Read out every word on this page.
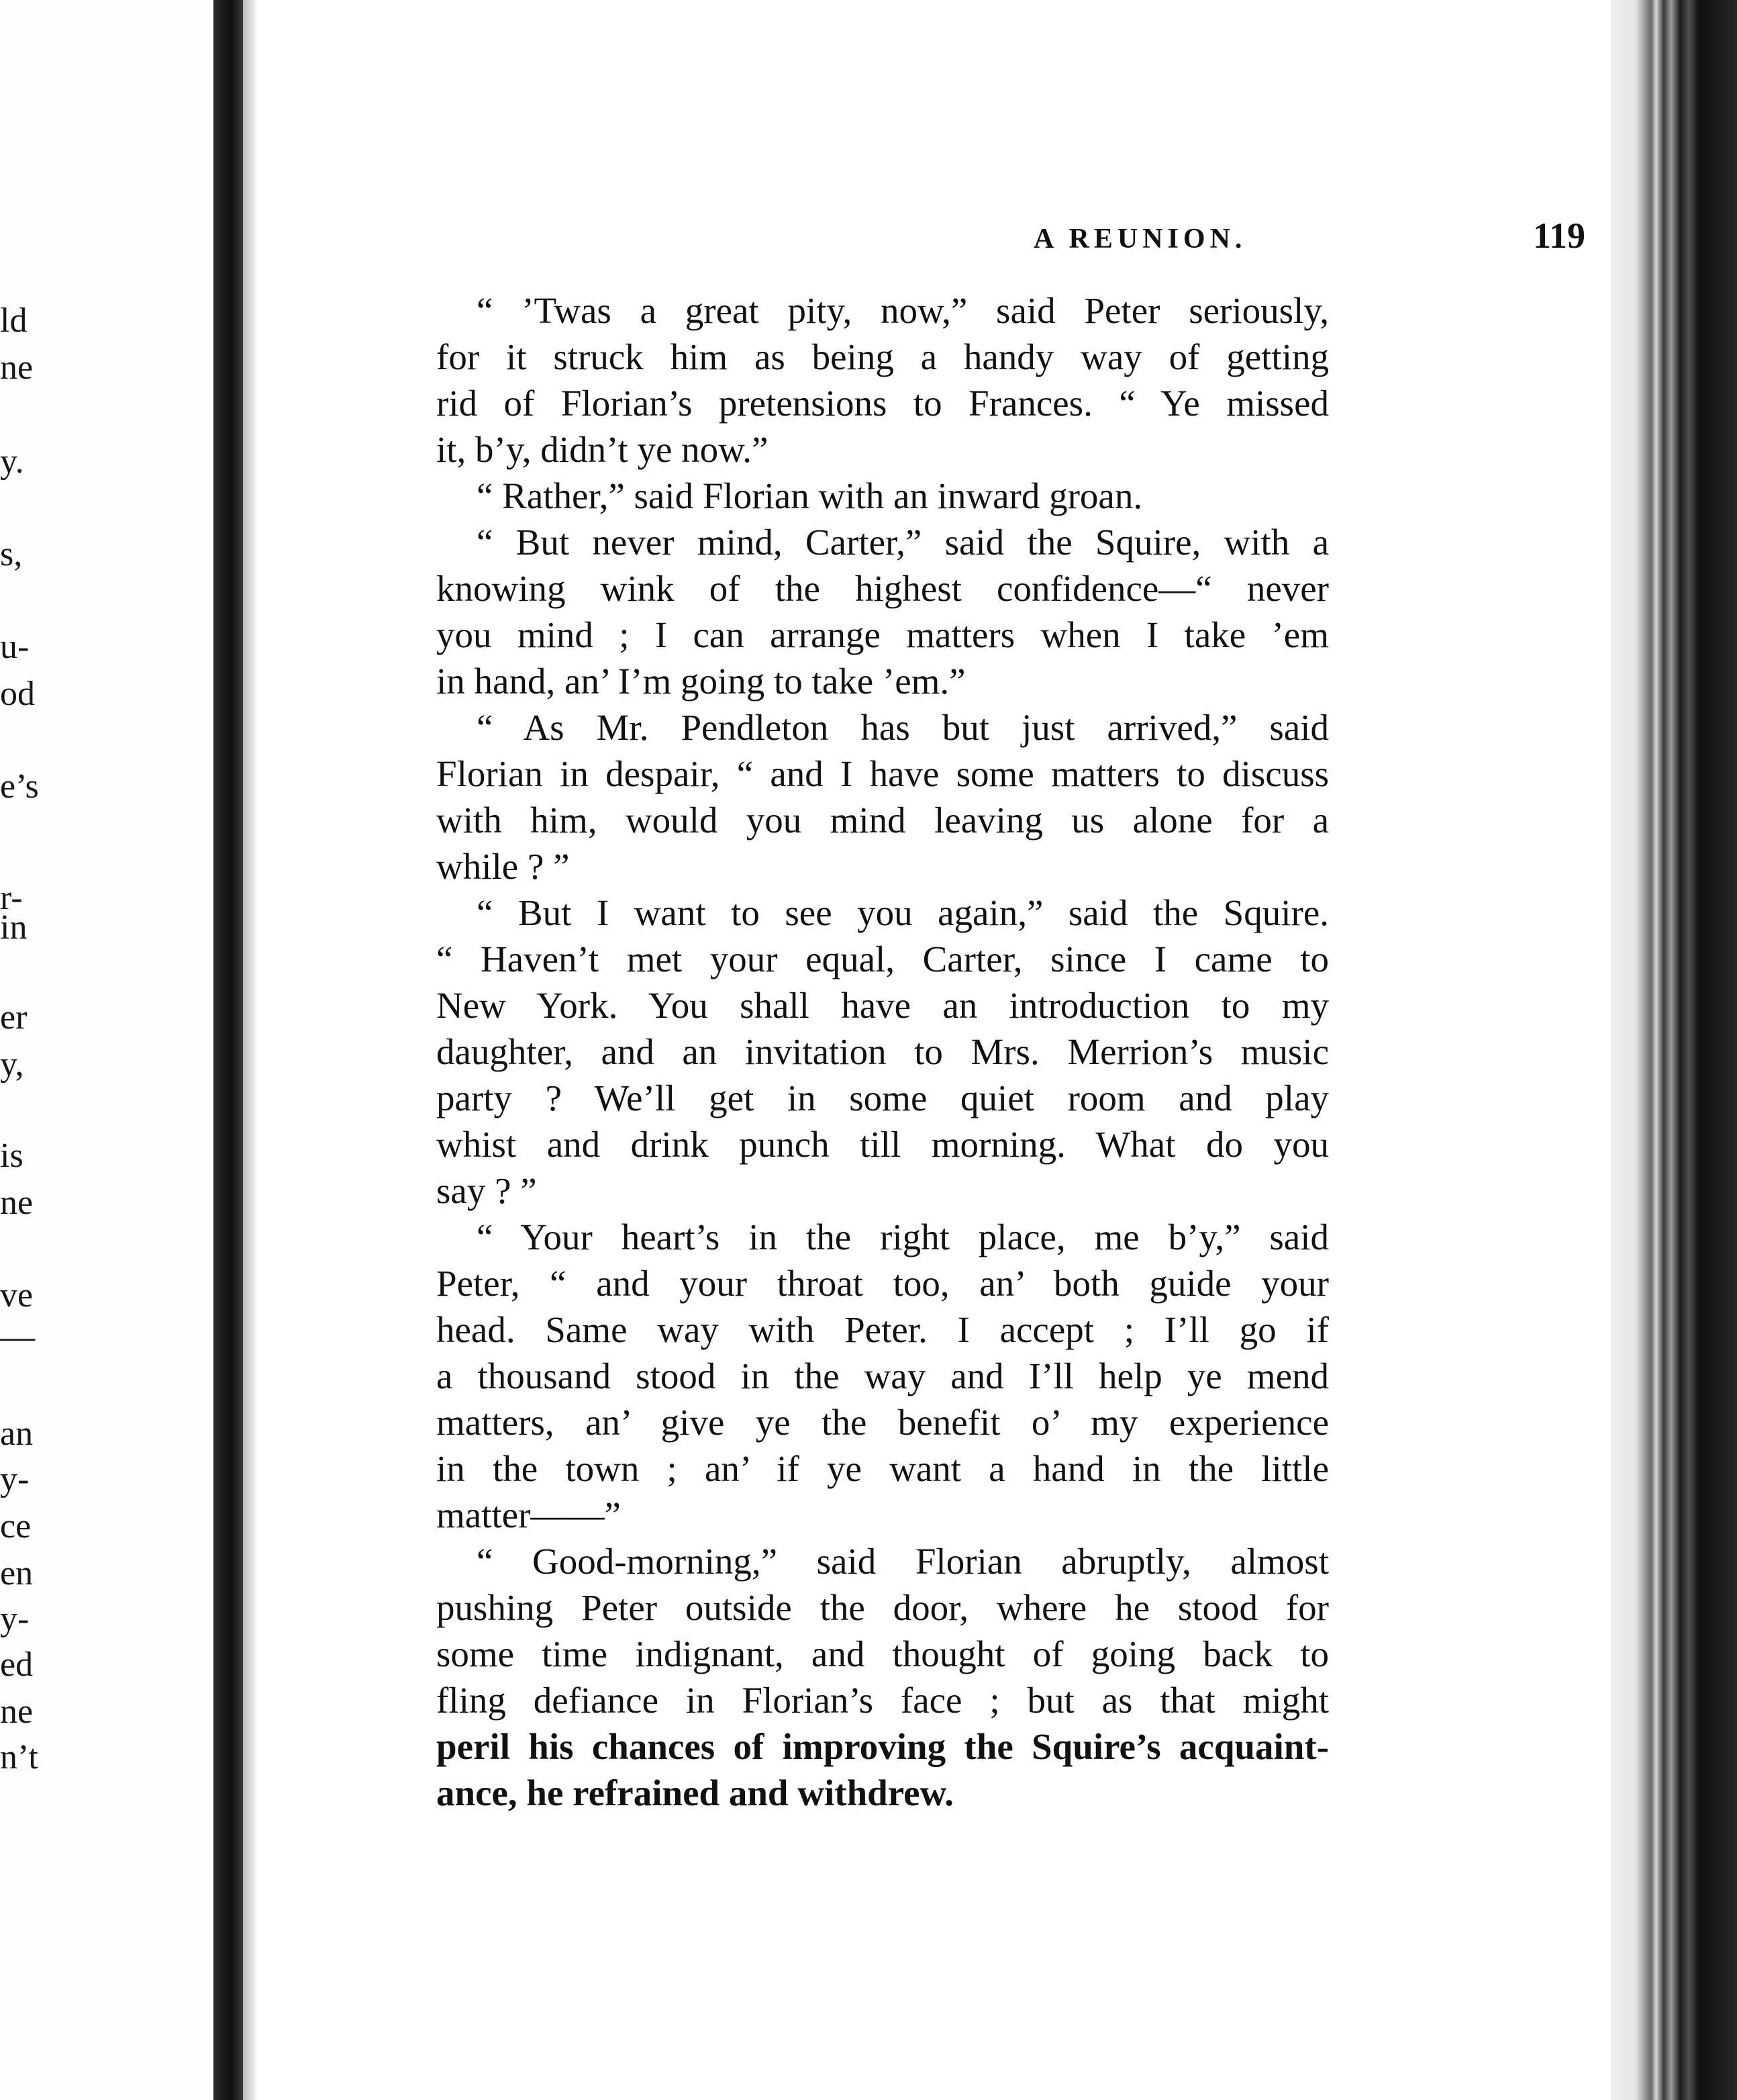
ld
ne
y.
s,
u-
od
e’s
r-
in
er
y,
is
ne
ve
—
an
y-
ce
en
y-
ed
ne
n’t
A REUNION.	119
“ ’Twas a great pity, now,” said Peter seriously,
for it struck him as being a handy way of getting
rid of Florian’s pretensions to Frances. “ Ye missed
it, b’y, didn’t ye now.”
“ Rather,” said Florian with an inward groan.
“ But never mind, Carter,” said the Squire, with a
knowing wink of the highest confidence—“ never
you mind ; I can arrange matters when I take ’em
in hand, an’ I’m going to take ’em.”
“ As Mr. Pendleton has but just arrived,” said
Florian in despair, “ and I have some matters to discuss
with him, would you mind leaving us alone for a
while ? ”
“ But I want to see you again,” said the Squire.
“ Haven’t met your equal, Carter, since I came to
New York. You shall have an introduction to my
daughter, and an invitation to Mrs. Merrion’s music
party ? We’ll get in some quiet room and play
whist and drink punch till morning. What do you
say ? ”
“ Your heart’s in the right place, me b’y,” said
Peter, “ and your throat too, an’ both guide your
head. Same way with Peter. I accept ; I’ll go if
a thousand stood in the way and I’ll help ye mend
matters, an’ give ye the benefit o’ my experience
in the town ; an’ if ye want a hand in the little
matter——”
“ Good-morning,” said Florian abruptly, almost
pushing Peter outside the door, where he stood for
some time indignant, and thought of going back to
fling defiance in Florian’s face ; but as that might
peril his chances of improving the Squire’s acquaint-
ance, he refrained and withdrew.
